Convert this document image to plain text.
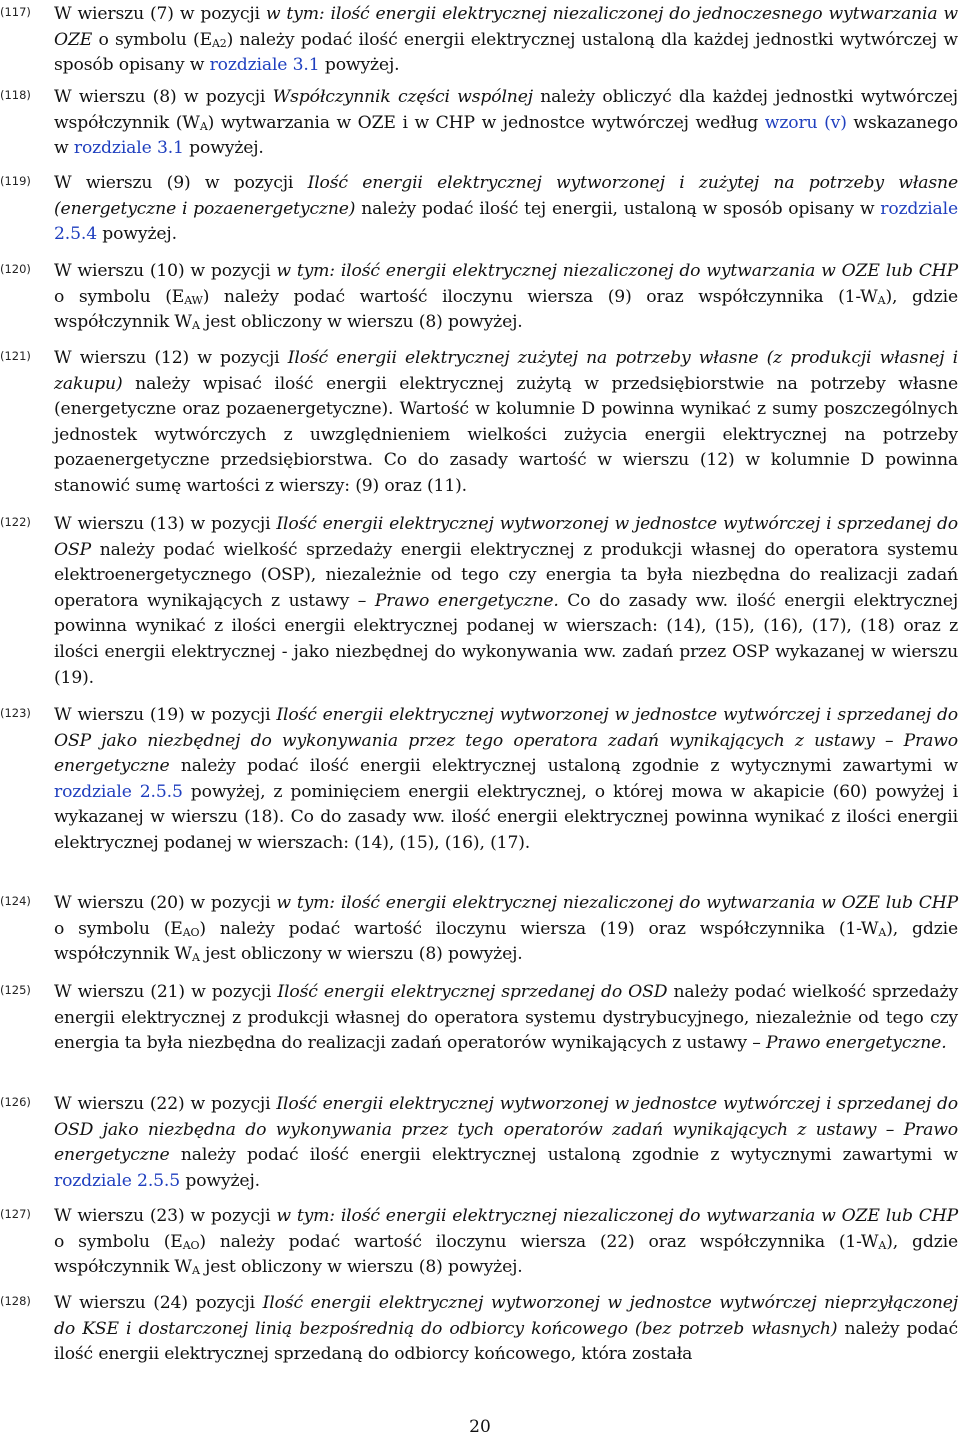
(117) W wierszu (7) w pozycji w tym: ilość energii elektrycznej niezaliczonej do jednoczesnego wytwarzania w OZE o symbolu $(E_{A2})$ należy podać ilość energii elektrycznej ustaloną dla każdej jednostki wytwórczej w sposób opisany w rozdziale 3.1 powyżej.
(118) W wierszu (8) w pozycji Współczynnik części wspólnej należy obliczyć dla każdej jednostki wytwórczej współczynnik $(W_A)$ wytwarzania w OZE i w CHP w jednostce wytwórczej według wzoru (v) wskazanego w rozdziale 3.1 powyżej.
(119) W wierszu (9) w pozycji Ilość energii elektrycznej wytworzonej i zużytej na potrzeby własne (energetyczne i pozaenergetyczne) należy podać ilość tej energii, ustaloną w sposób opisany w rozdziale 2.5.4 powyżej.
(120) W wierszu (10) w pozycji w tym: ilość energii elektrycznej niezaliczonej do wytwarzania w OZE lub CHP o symbolu $(E_{AW})$ należy podać wartość iloczynu wiersza (9) oraz współczynnika $(1-W_A)$, gdzie współczynnik $W_A$ jest obliczony w wierszu (8) powyżej.
(121) W wierszu (12) w pozycji Ilość energii elektrycznej zużytej na potrzeby własne (z produkcji własnej i zakupu) należy wpisać ilość energii elektrycznej zużytą w przedsiębiorstwie na potrzeby własne (energetyczne oraz pozaenergetyczne). Wartość w kolumnie D powinna wynikać z sumy poszczególnych jednostek wytwórczych z uwzględnieniem wielkości zużycia energii elektrycznej na potrzeby pozaenergetyczne przedsiębiorstwa. Co do zasady wartość w wierszu (12) w kolumnie D powinna stanowić sumę wartości z wierszy: (9) oraz (11).
(122) W wierszu (13) w pozycji Ilość energii elektrycznej wytworzonej w jednostce wytwórczej i sprzedanej do OSP należy podać wielkość sprzedaży energii elektrycznej z produkcji własnej do operatora systemu elektroenergetycznego (OSP), niezależnie od tego czy energia ta była niezbędna do realizacji zadań operatora wynikających z ustawy – Prawo energetyczne. Co do zasady ww. ilość energii elektrycznej powinna wynikać z ilości energii elektrycznej podanej w wierszach: (14), (15), (16), (17), (18) oraz z ilości energii elektrycznej - jako niezbędnej do wykonywania ww. zadań przez OSP wykazanej w wierszu (19).
(123) W wierszu (19) w pozycji Ilość energii elektrycznej wytworzonej w jednostce wytwórczej i sprzedanej do OSP jako niezbędnej do wykonywania przez tego operatora zadań wynikających z ustawy – Prawo energetyczne należy podać ilość energii elektrycznej ustaloną zgodnie z wytycznymi zawartymi w rozdziale 2.5.5 powyżej, z pominięciem energii elektrycznej, o której mowa w akapicie (60) powyżej i wykazanej w wierszu (18). Co do zasady ww. ilość energii elektrycznej powinna wynikać z ilości energii elektrycznej podanej w wierszach: (14), (15), (16), (17).
(124) W wierszu (20) w pozycji w tym: ilość energii elektrycznej niezaliczonej do wytwarzania w OZE lub CHP o symbolu $(E_{AO})$ należy podać wartość iloczynu wiersza (19) oraz współczynnika $(1-W_A)$, gdzie współczynnik $W_A$ jest obliczony w wierszu (8) powyżej.
(125) W wierszu (21) w pozycji Ilość energii elektrycznej sprzedanej do OSD należy podać wielkość sprzedaży energii elektrycznej z produkcji własnej do operatora systemu dystrybucyjnego, niezależnie od tego czy energia ta była niezbędna do realizacji zadań operatorów wynikających z ustawy – Prawo energetyczne.
(126) W wierszu (22) w pozycji Ilość energii elektrycznej wytworzonej w jednostce wytwórczej i sprzedanej do OSD jako niezbędna do wykonywania przez tych operatorów zadań wynikających z ustawy – Prawo energetyczne należy podać ilość energii elektrycznej ustaloną zgodnie z wytycznymi zawartymi w rozdziale 2.5.5 powyżej.
(127) W wierszu (23) w pozycji w tym: ilość energii elektrycznej niezaliczonej do wytwarzania w OZE lub CHP o symbolu $(E_{AO})$ należy podać wartość iloczynu wiersza (22) oraz współczynnika $(1-W_A)$, gdzie współczynnik $W_A$ jest obliczony w wierszu (8) powyżej.
(128) W wierszu (24) pozycji Ilość energii elektrycznej wytworzonej w jednostce wytwórczej nieprzyłączonej do KSE i dostarczonej linią bezpośrednią do odbiorcy końcowego (bez potrzeb własnych) należy podać ilość energii elektrycznej sprzedaną do odbiorcy końcowego, która została
20
